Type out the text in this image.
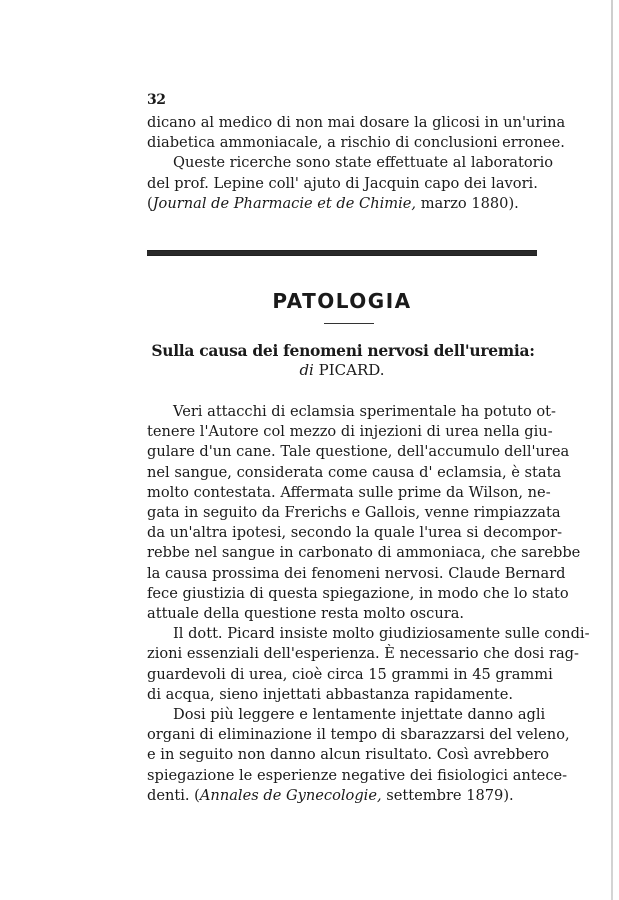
32
dicano al medico di non mai dosare la glicosi in un'urina
diabetica ammoniacale, a rischio di conclusioni erronee.
Queste ricerche sono state effettuate al laboratorio
del prof. Lepine coll' ajuto di Jacquin capo dei lavori.
(Journal de Pharmacie et de Chimie, marzo 1880).
PATOLOGIA
Sulla causa dei fenomeni nervosi dell'uremia:
di PICARD.
Veri attacchi di eclamsia sperimentale ha potuto ot-
tenere l'Autore col mezzo di injezioni di urea nella giu-
gulare d'un cane. Tale questione, dell'accumulo dell'urea
nel sangue, considerata come causa d' eclamsia, è stata
molto contestata. Affermata sulle prime da Wilson, ne-
gata in seguito da Frerichs e Gallois, venne rimpiazzata
da un'altra ipotesi, secondo la quale l'urea si decompor-
rebbe nel sangue in carbonato di ammoniaca, che sarebbe
la causa prossima dei fenomeni nervosi. Claude Bernard
fece giustizia di questa spiegazione, in modo che lo stato
attuale della questione resta molto oscura.
Il dott. Picard insiste molto giudiziosamente sulle condi-
zioni essenziali dell'esperienza. È necessario che dosi rag-
guardevoli di urea, cioè circa 15 grammi in 45 grammi
di acqua, sieno injettati abbastanza rapidamente.
Dosi più leggere e lentamente injettate danno agli
organi di eliminazione il tempo di sbarazzarsi del veleno,
e in seguito non danno alcun risultato. Così avrebbero
spiegazione le esperienze negative dei fisiologici antece-
denti. (Annales de Gynecologie, settembre 1879).
